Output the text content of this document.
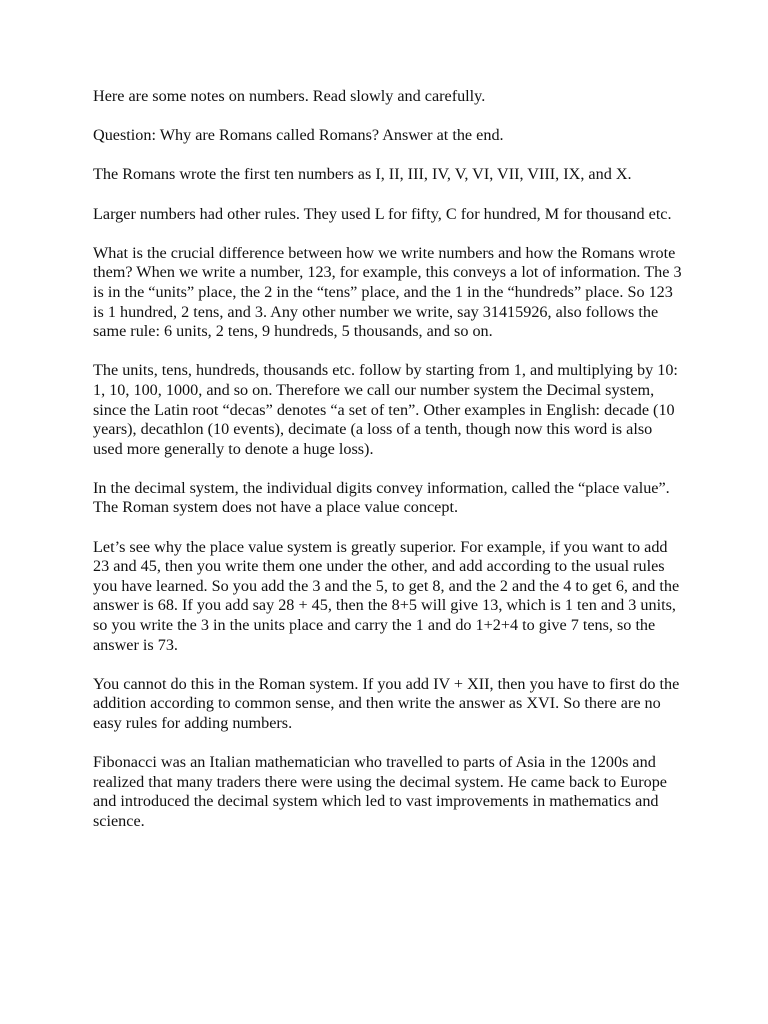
Here are some notes on numbers. Read slowly and carefully.

Question: Why are Romans called Romans? Answer at the end.

The Romans wrote the first ten numbers as I, II, III, IV, V, VI, VII, VIII, IX, and X.

Larger numbers had other rules. They used L for fifty, C for hundred, M for thousand etc.

What is the crucial difference between how we write numbers and how the Romans wrote them? When we write a number, 123, for example, this conveys a lot of information. The 3 is in the “units” place, the 2 in the “tens” place, and the 1 in the “hundreds” place. So 123 is 1 hundred, 2 tens, and 3. Any other number we write, say 31415926, also follows the same rule: 6 units, 2 tens, 9 hundreds, 5 thousands, and so on.

The units, tens, hundreds, thousands etc. follow by starting from 1, and multiplying by 10: 1, 10, 100, 1000, and so on. Therefore we call our number system the Decimal system, since the Latin root “decas” denotes “a set of ten”. Other examples in English: decade (10 years), decathlon (10 events), decimate (a loss of a tenth, though now this word is also used more generally to denote a huge loss).

In the decimal system, the individual digits convey information, called the “place value”. The Roman system does not have a place value concept.

Let’s see why the place value system is greatly superior. For example, if you want to add 23 and 45, then you write them one under the other, and add according to the usual rules you have learned. So you add the 3 and the 5, to get 8, and the 2 and the 4 to get 6, and the answer is 68. If you add say 28 + 45, then the 8+5 will give 13, which is 1 ten and 3 units, so you write the 3 in the units place and carry the 1 and do 1+2+4 to give 7 tens, so the answer is 73.

You cannot do this in the Roman system. If you add IV + XII, then you have to first do the addition according to common sense, and then write the answer as XVI. So there are no easy rules for adding numbers.

Fibonacci was an Italian mathematician who travelled to parts of Asia in the 1200s and realized that many traders there were using the decimal system. He came back to Europe and introduced the decimal system which led to vast improvements in mathematics and science.
